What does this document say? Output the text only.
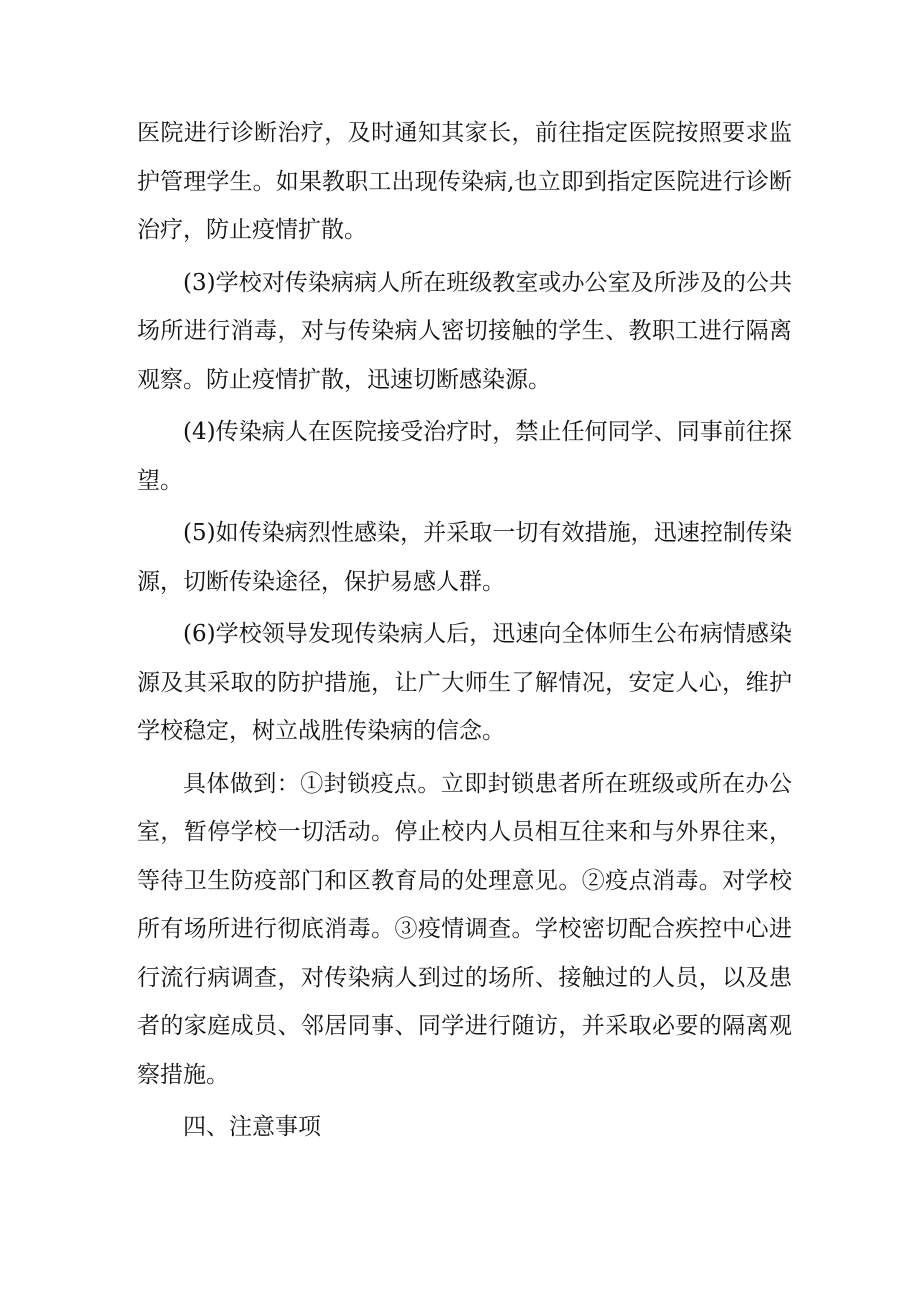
医院进行诊断治疗，及时通知其家长，前往指定医院按照要求监护管理学生。如果教职工出现传染病,也立即到指定医院进行诊断治疗，防止疫情扩散。

(3)学校对传染病病人所在班级教室或办公室及所涉及的公共场所进行消毒，对与传染病人密切接触的学生、教职工进行隔离观察。防止疫情扩散，迅速切断感染源。

(4)传染病人在医院接受治疗时，禁止任何同学、同事前往探望。

(5)如传染病烈性感染，并采取一切有效措施，迅速控制传染源，切断传染途径，保护易感人群。

(6)学校领导发现传染病人后，迅速向全体师生公布病情感染源及其采取的防护措施，让广大师生了解情况，安定人心，维护学校稳定，树立战胜传染病的信念。

具体做到：①封锁疫点。立即封锁患者所在班级或所在办公室，暂停学校一切活动。停止校内人员相互往来和与外界往来，等待卫生防疫部门和区教育局的处理意见。②疫点消毒。对学校所有场所进行彻底消毒。③疫情调查。学校密切配合疾控中心进行流行病调查，对传染病人到过的场所、接触过的人员，以及患者的家庭成员、邻居同事、同学进行随访，并采取必要的隔离观察措施。

四、注意事项
